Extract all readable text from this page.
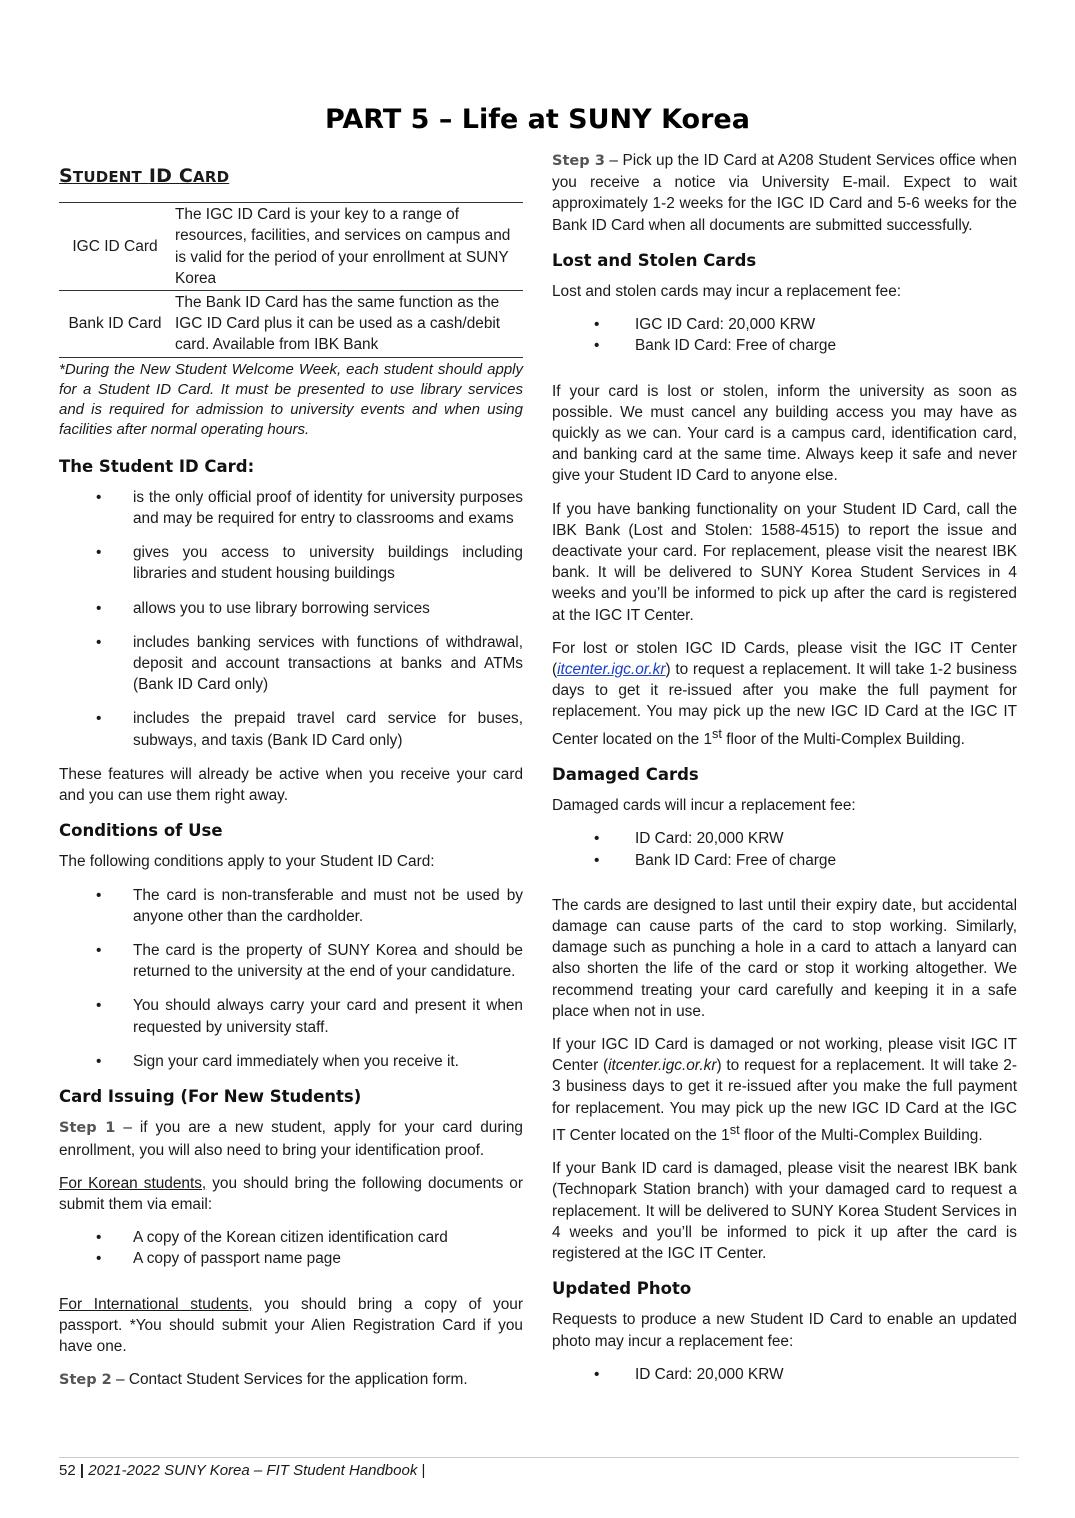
PART 5 – Life at SUNY Korea
STUDENT ID CARD
IGC ID Card	The IGC ID Card is your key to a range of resources, facilities, and services on campus and is valid for the period of your enrollment at SUNY Korea
Bank ID Card	The Bank ID Card has the same function as the IGC ID Card plus it can be used as a cash/debit card. Available from IBK Bank

*During the New Student Welcome Week, each student should apply for a Student ID Card. It must be presented to use library services and is required for admission to university events and when using facilities after normal operating hours.

The Student ID Card:
• is the only official proof of identity for university purposes and may be required for entry to classrooms and exams
• gives you access to university buildings including libraries and student housing buildings
• allows you to use library borrowing services
• includes banking services with functions of withdrawal, deposit and account transactions at banks and ATMs (Bank ID Card only)
• includes the prepaid travel card service for buses, subways, and taxis (Bank ID Card only)

These features will already be active when you receive your card and you can use them right away.

Conditions of Use

The following conditions apply to your Student ID Card:

• The card is non-transferable and must not be used by anyone other than the cardholder.
• The card is the property of SUNY Korea and should be returned to the university at the end of your candidature.
• You should always carry your card and present it when requested by university staff.
• Sign your card immediately when you receive it.
Card Issuing (For New Students)

Step 1 – if you are a new student, apply for your card during enrollment, you will also need to bring your identification proof.

For Korean students, you should bring the following documents or submit them via email:

• A copy of the Korean citizen identification card
• A copy of passport name page

For International students, you should bring a copy of your passport. *You should submit your Alien Registration Card if you have one.

Step 2 – Contact Student Services for the application form.

Step 3 – Pick up the ID Card at A208 Student Services office when you receive a notice via University E-mail. Expect to wait approximately 1-2 weeks for the IGC ID Card and 5-6 weeks for the Bank ID Card when all documents are submitted successfully.

Lost and Stolen Cards

Lost and stolen cards may incur a replacement fee:

• IGC ID Card: 20,000 KRW
• Bank ID Card: Free of charge

If your card is lost or stolen, inform the university as soon as possible. We must cancel any building access you may have as quickly as we can. Your card is a campus card, identification card, and banking card at the same time. Always keep it safe and never give your Student ID Card to anyone else.

If you have banking functionality on your Student ID Card, call the IBK Bank (Lost and Stolen: 1588-4515) to report the issue and deactivate your card. For replacement, please visit the nearest IBK bank. It will be delivered to SUNY Korea Student Services in 4 weeks and you’ll be informed to pick up after the card is registered at the IGC IT Center.

For lost or stolen IGC ID Cards, please visit the IGC IT Center (itcenter.igc.or.kr) to request a replacement. It will take 1-2 business days to get it re-issued after you make the full payment for replacement. You may pick up the new IGC ID Card at the IGC IT Center located on the 1st floor of the Multi-Complex Building.

Damaged Cards

Damaged cards will incur a replacement fee:

• ID Card: 20,000 KRW
• Bank ID Card: Free of charge

The cards are designed to last until their expiry date, but accidental damage can cause parts of the card to stop working. Similarly, damage such as punching a hole in a card to attach a lanyard can also shorten the life of the card or stop it working altogether. We recommend treating your card carefully and keeping it in a safe place when not in use.

If your IGC ID Card is damaged or not working, please visit IGC IT Center (itcenter.igc.or.kr) to request for a replacement. It will take 2-3 business days to get it re-issued after you make the full payment for replacement. You may pick up the new IGC ID Card at the IGC IT Center located on the 1st floor of the Multi-Complex Building.

If your Bank ID card is damaged, please visit the nearest IBK bank (Technopark Station branch) with your damaged card to request a replacement. It will be delivered to SUNY Korea Student Services in 4 weeks and you’ll be informed to pick it up after the card is registered at the IGC IT Center.

Updated Photo

Requests to produce a new Student ID Card to enable an updated photo may incur a replacement fee:

• ID Card: 20,000 KRW
52 | 2021-2022 SUNY Korea – FIT Student Handbook |
